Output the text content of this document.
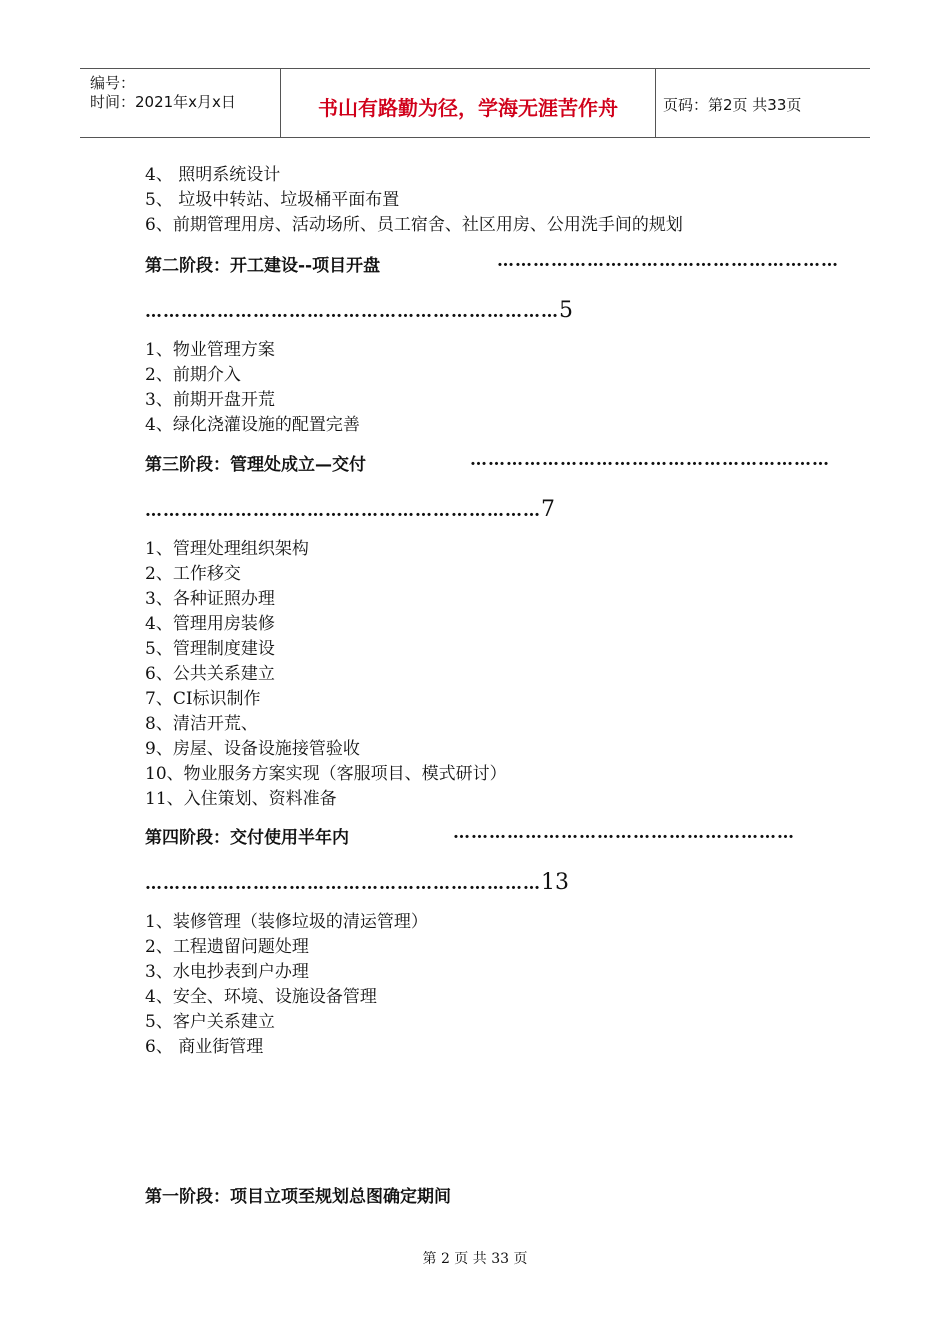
编号：
时间：2021年x月x日	书山有路勤为径，学海无涯苦作舟	页码：第2页 共33页
4、 照明系统设计
5、 垃圾中转站、垃圾桶平面布置
6、前期管理用房、活动场所、员工宿舍、社区用房、公用洗手间的规划
第二阶段：开工建设--项目开盘	…………………………………………………
……………………………………………………………5
1、物业管理方案
2、前期介入
3、前期开盘开荒
4、绿化浇灌设施的配置完善
第三阶段：管理处成立—交付	……………………………………………………
…………………………………………………………7
1、管理处理组织架构
2、工作移交
3、各种证照办理
4、管理用房装修
5、管理制度建设
6、公共关系建立
7、CI标识制作
8、清洁开荒、
9、房屋、设备设施接管验收
10、物业服务方案实现（客服项目、模式研讨）
11、入住策划、资料准备
第四阶段：交付使用半年内	…………………………………………………
…………………………………………………………13
1、装修管理（装修垃圾的清运管理）
2、工程遗留问题处理
3、水电抄表到户办理
4、安全、环境、设施设备管理
5、客户关系建立
6、 商业街管理
第一阶段：项目立项至规划总图确定期间
第 2 页 共 33 页
